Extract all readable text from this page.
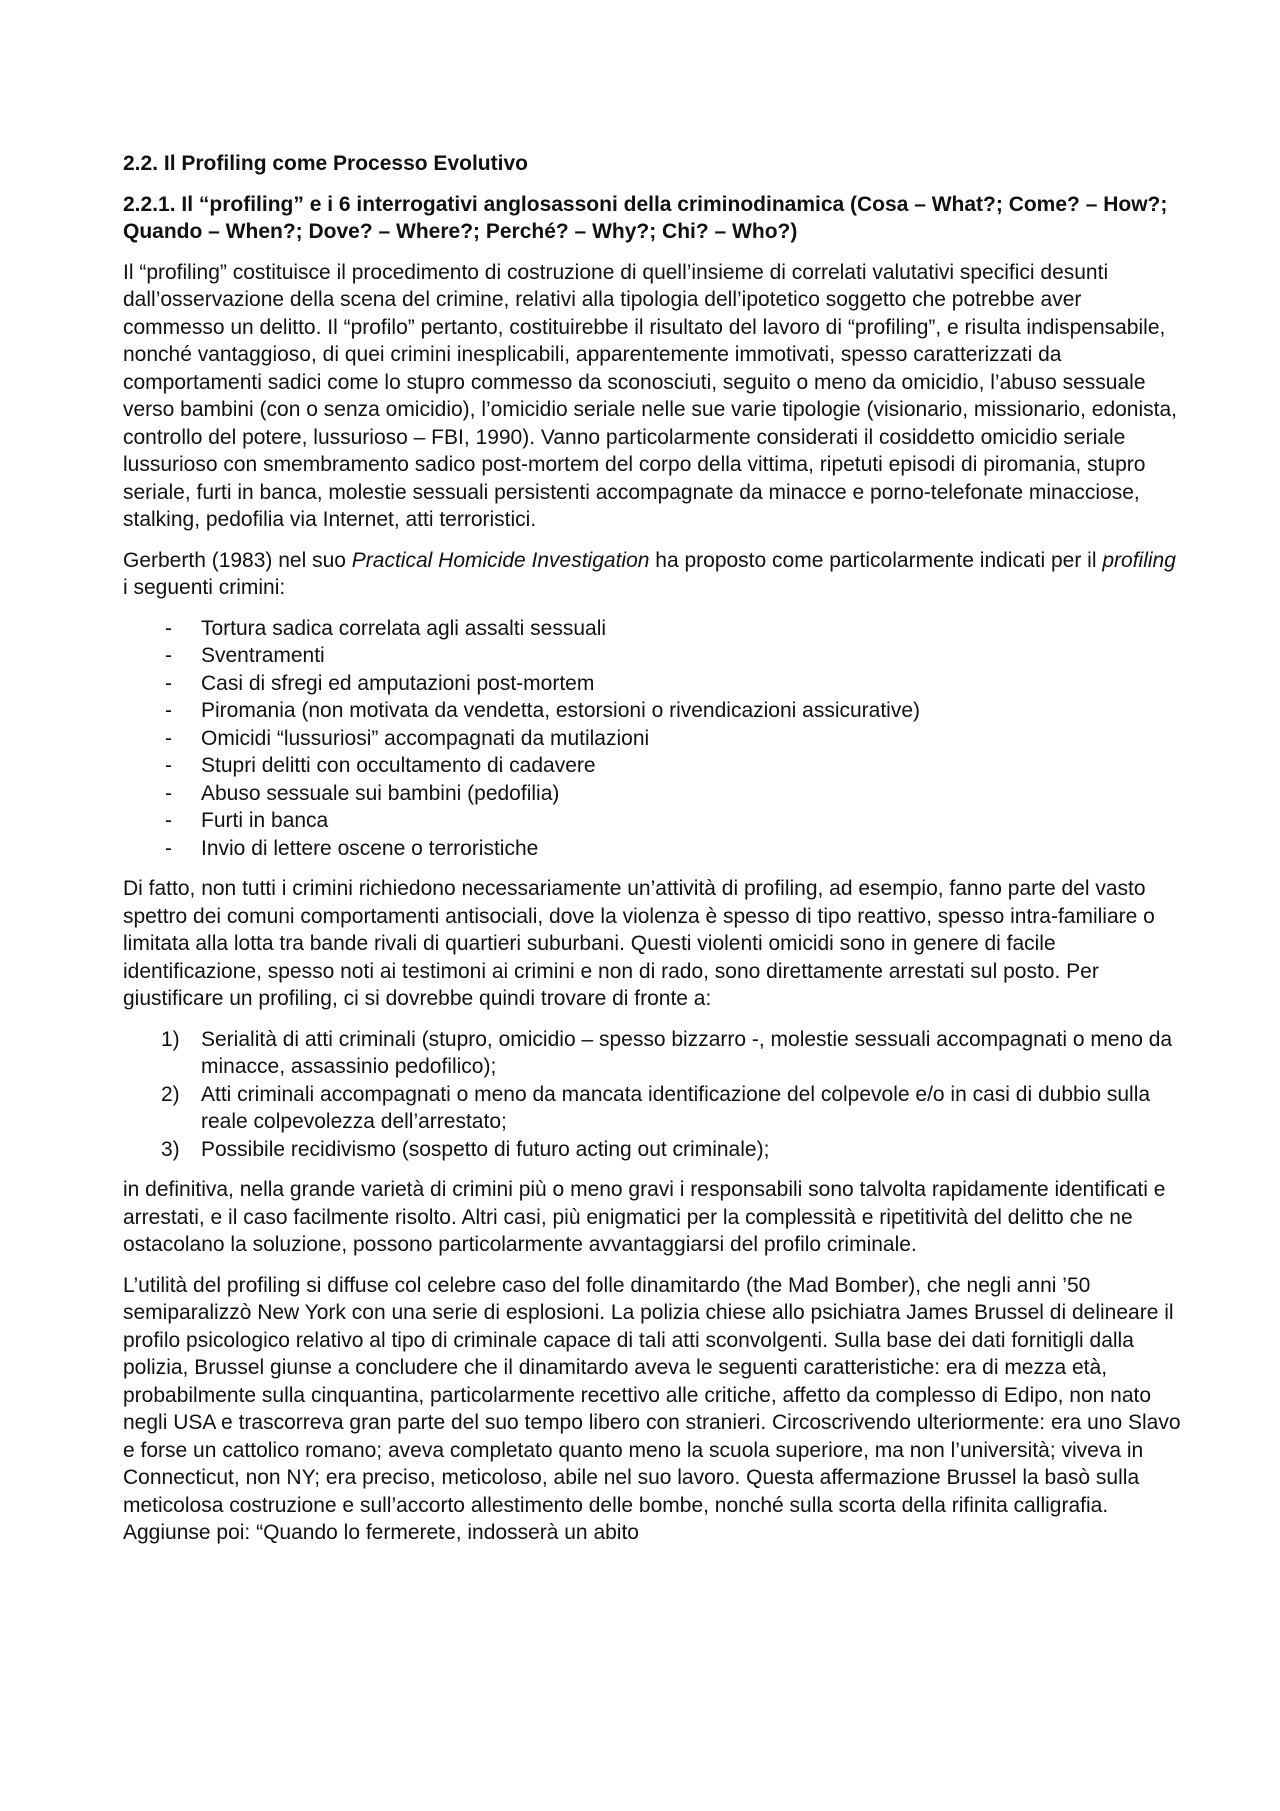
2.2. Il Profiling come Processo Evolutivo
2.2.1. Il “profiling” e i 6 interrogativi anglosassoni della criminodinamica (Cosa – What?; Come? – How?; Quando – When?; Dove? – Where?; Perché? – Why?; Chi? – Who?)

Il “profiling” costituisce il procedimento di costruzione di quell’insieme di correlati valutativi specifici desunti dall’osservazione della scena del crimine, relativi alla tipologia dell’ipotetico soggetto che potrebbe aver commesso un delitto. Il “profilo” pertanto, costituirebbe il risultato del lavoro di “profiling”, e risulta indispensabile, nonché vantaggioso, di quei crimini inesplicabili, apparentemente immotivati, spesso caratterizzati da comportamenti sadici come lo stupro commesso da sconosciuti, seguito o meno da omicidio, l’abuso sessuale verso bambini (con o senza omicidio), l’omicidio seriale nelle sue varie tipologie (visionario, missionario, edonista, controllo del potere, lussurioso – FBI, 1990). Vanno particolarmente considerati il cosiddetto omicidio seriale lussurioso con smembramento sadico post-mortem del corpo della vittima, ripetuti episodi di piromania, stupro seriale, furti in banca, molestie sessuali persistenti accompagnate da minacce e porno-telefonate minacciose, stalking, pedofilia via Internet, atti terroristici.

Gerberth (1983) nel suo Practical Homicide Investigation ha proposto come particolarmente indicati per il profiling i seguenti crimini:

- Tortura sadica correlata agli assalti sessuali
- Sventramenti
- Casi di sfregi ed amputazioni post-mortem
- Piromania (non motivata da vendetta, estorsioni o rivendicazioni assicurative)
- Omicidi “lussuriosi” accompagnati da mutilazioni
- Stupri delitti con occultamento di cadavere
- Abuso sessuale sui bambini (pedofilia)
- Furti in banca
- Invio di lettere oscene o terroristiche

Di fatto, non tutti i crimini richiedono necessariamente un’attività di profiling, ad esempio, fanno parte del vasto spettro dei comuni comportamenti antisociali, dove la violenza è spesso di tipo reattivo, spesso intra-familiare o limitata alla lotta tra bande rivali di quartieri suburbani. Questi violenti omicidi sono in genere di facile identificazione, spesso noti ai testimoni ai crimini e non di rado, sono direttamente arrestati sul posto. Per giustificare un profiling, ci si dovrebbe quindi trovare di fronte a:

1) Serialità di atti criminali (stupro, omicidio – spesso bizzarro -, molestie sessuali accompagnati o meno da minacce, assassinio pedofilico);
2) Atti criminali accompagnati o meno da mancata identificazione del colpevole e/o in casi di dubbio sulla reale colpevolezza dell’arrestato;
3) Possibile recidivismo (sospetto di futuro acting out criminale);

in definitiva, nella grande varietà di crimini più o meno gravi i responsabili sono talvolta rapidamente identificati e arrestati, e il caso facilmente risolto. Altri casi, più enigmatici per la complessità e ripetitività del delitto che ne ostacolano la soluzione, possono particolarmente avvantaggiarsi del profilo criminale.

L’utilità del profiling si diffuse col celebre caso del folle dinamitardo (the Mad Bomber), che negli anni ’50 semiparalizzò New York con una serie di esplosioni. La polizia chiese allo psichiatra James Brussel di delineare il profilo psicologico relativo al tipo di criminale capace di tali atti sconvolgenti. Sulla base dei dati fornitigli dalla polizia, Brussel giunse a concludere che il dinamitardo aveva le seguenti caratteristiche: era di mezza età, probabilmente sulla cinquantina, particolarmente recettivo alle critiche, affetto da complesso di Edipo, non nato negli USA e trascorreva gran parte del suo tempo libero con stranieri. Circoscrivendo ulteriormente: era uno Slavo e forse un cattolico romano; aveva completato quanto meno la scuola superiore, ma non l’università; viveva in Connecticut, non NY; era preciso, meticoloso, abile nel suo lavoro. Questa affermazione Brussel la basò sulla meticolosa costruzione e sull’accorto allestimento delle bombe, nonché sulla scorta della rifinita calligrafia. Aggiunse poi: “Quando lo fermerete, indosserà un abito
